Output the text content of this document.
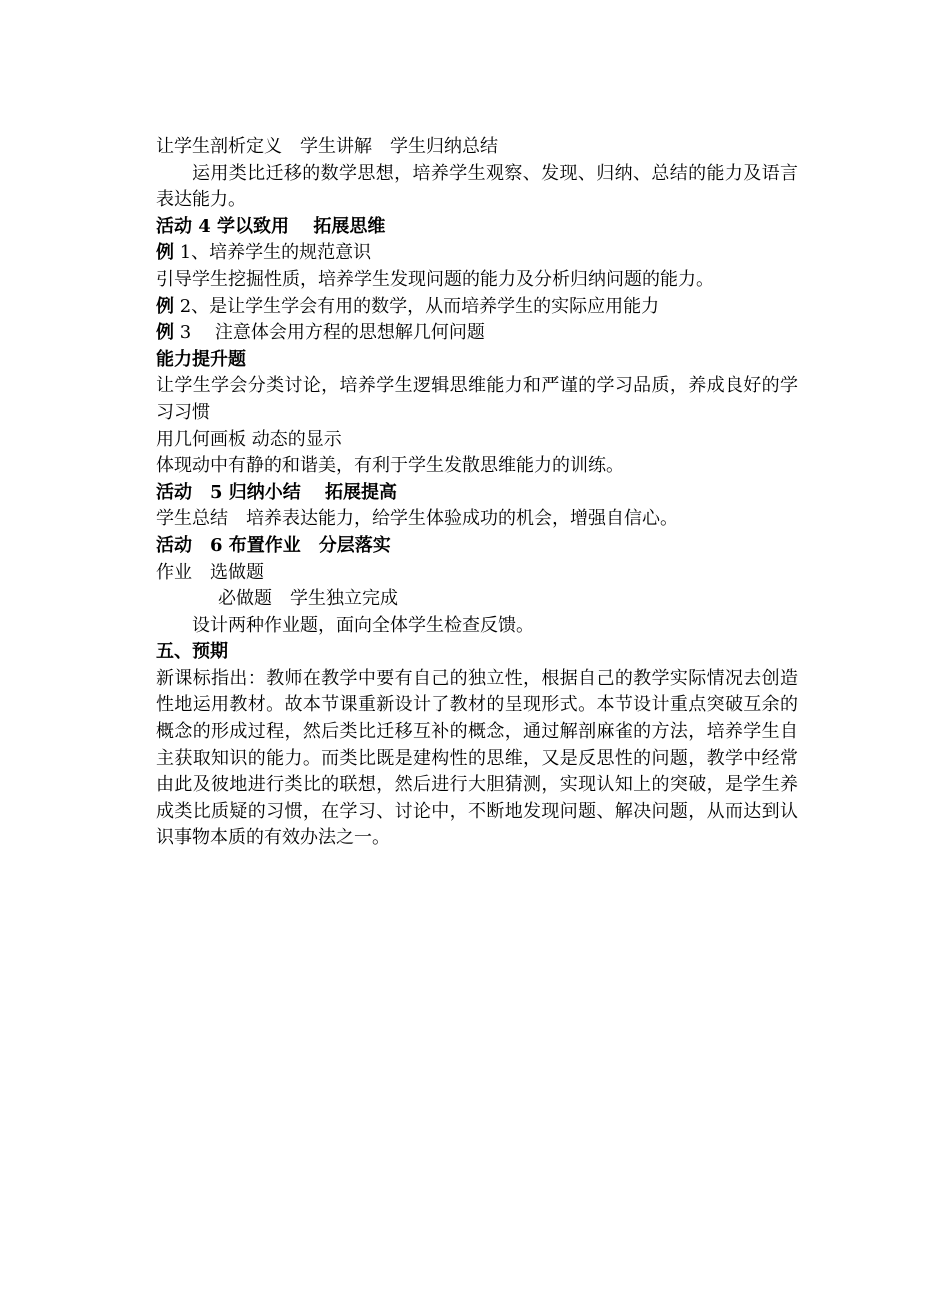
让学生剖析定义　学生讲解　学生归纳总结

运用类比迁移的数学思想，培养学生观察、发现、归纳、总结的能力及语言表达能力。

活动 4 学以致用　 拓展思维

例 1、培养学生的规范意识

引导学生挖掘性质，培养学生发现问题的能力及分析归纳问题的能力。

例 2、是让学生学会有用的数学，从而培养学生的实际应用能力

例 3　 注意体会用方程的思想解几何问题

能力提升题

让学生学会分类讨论，培养学生逻辑思维能力和严谨的学习品质，养成良好的学习习惯

用几何画板 动态的显示

体现动中有静的和谐美，有利于学生发散思维能力的训练。

活动　5 归纳小结　 拓展提高

学生总结　培养表达能力，给学生体验成功的机会，增强自信心。

活动　6 布置作业　分层落实

作业　选做题

必做题　学生独立完成

设计两种作业题，面向全体学生检查反馈。

五、预期

新课标指出：教师在教学中要有自己的独立性，根据自己的教学实际情况去创造性地运用教材。故本节课重新设计了教材的呈现形式。本节设计重点突破互余的概念的形成过程，然后类比迁移互补的概念，通过解剖麻雀的方法，培养学生自主获取知识的能力。而类比既是建构性的思维，又是反思性的问题，教学中经常由此及彼地进行类比的联想，然后进行大胆猜测，实现认知上的突破，是学生养成类比质疑的习惯，在学习、讨论中，不断地发现问题、解决问题，从而达到认识事物本质的有效办法之一。
